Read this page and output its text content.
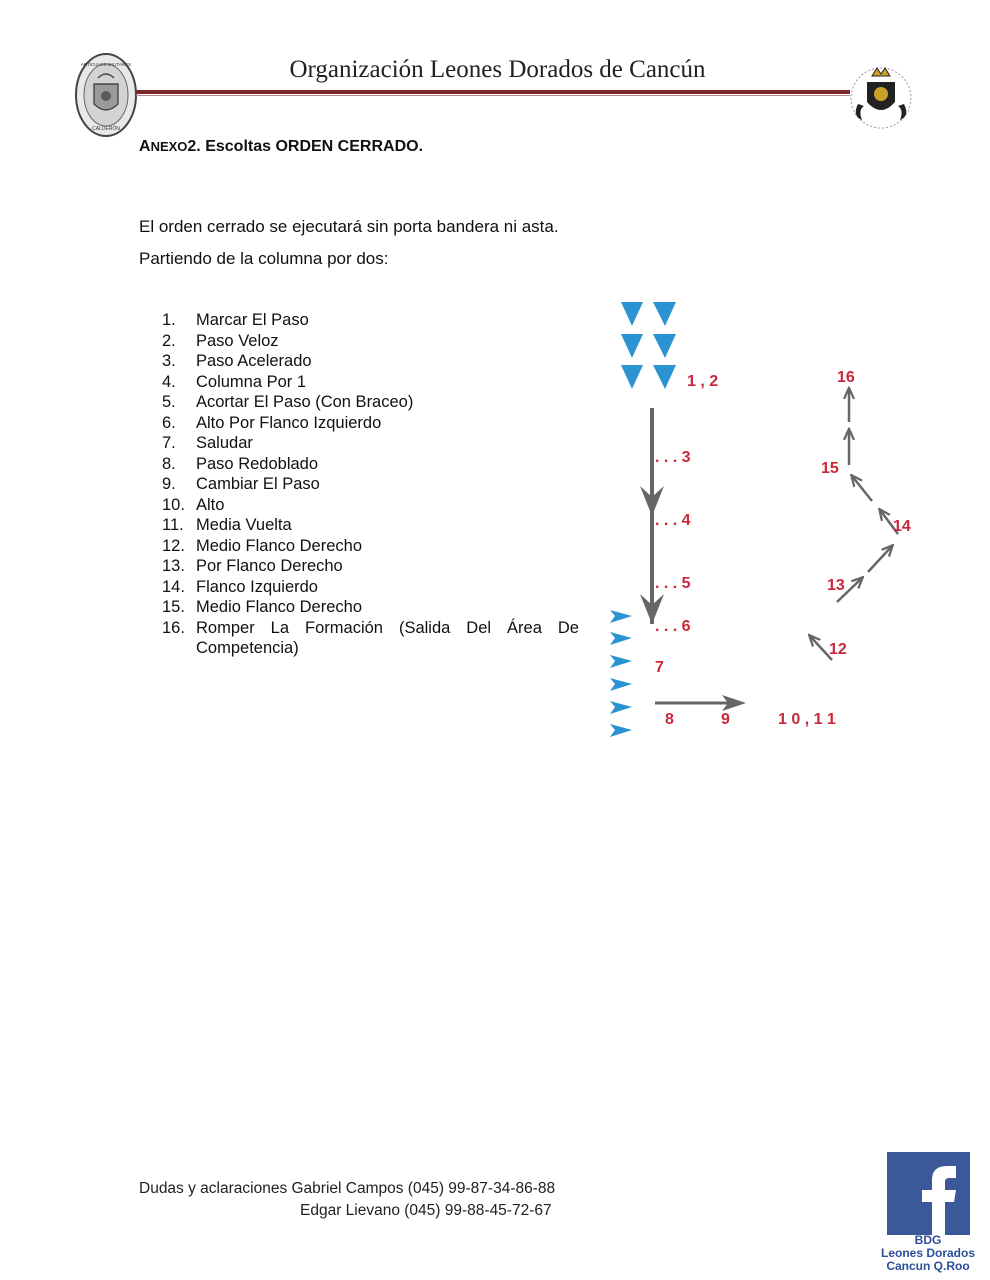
ARTÍCULOS MILITARES
CALDERÓN
Organización Leones Dorados de Cancún
ANEXO2. Escoltas ORDEN CERRADO.
El orden cerrado se ejecutará sin porta bandera ni asta.
Partiendo de la columna por dos:
1.	Marcar El Paso
2.	Paso Veloz
3.	Paso Acelerado
4.	Columna Por 1
5.	Acortar El Paso (Con Braceo)
6.	Alto Por Flanco Izquierdo
7.	Saludar
8.	Paso Redoblado
9.	Cambiar El Paso
10. Alto
11. Media Vuelta
12. Medio Flanco Derecho
13. Por Flanco Derecho
14. Flanco Izquierdo
15. Medio Flanco Derecho
16. Romper La Formación (Salida Del Área De
Competencia)
1 , 2
. . . 3
. . . 4
. . . 5
. . . 6
7
8	9	1 0 , 1 1
12
13
14
15
16
Dudas y aclaraciones Gabriel Campos (045) 99-87-34-86-88
Edgar Lievano (045) 99-88-45-72-67
BDG
Leones Dorados
Cancun Q.Roo
